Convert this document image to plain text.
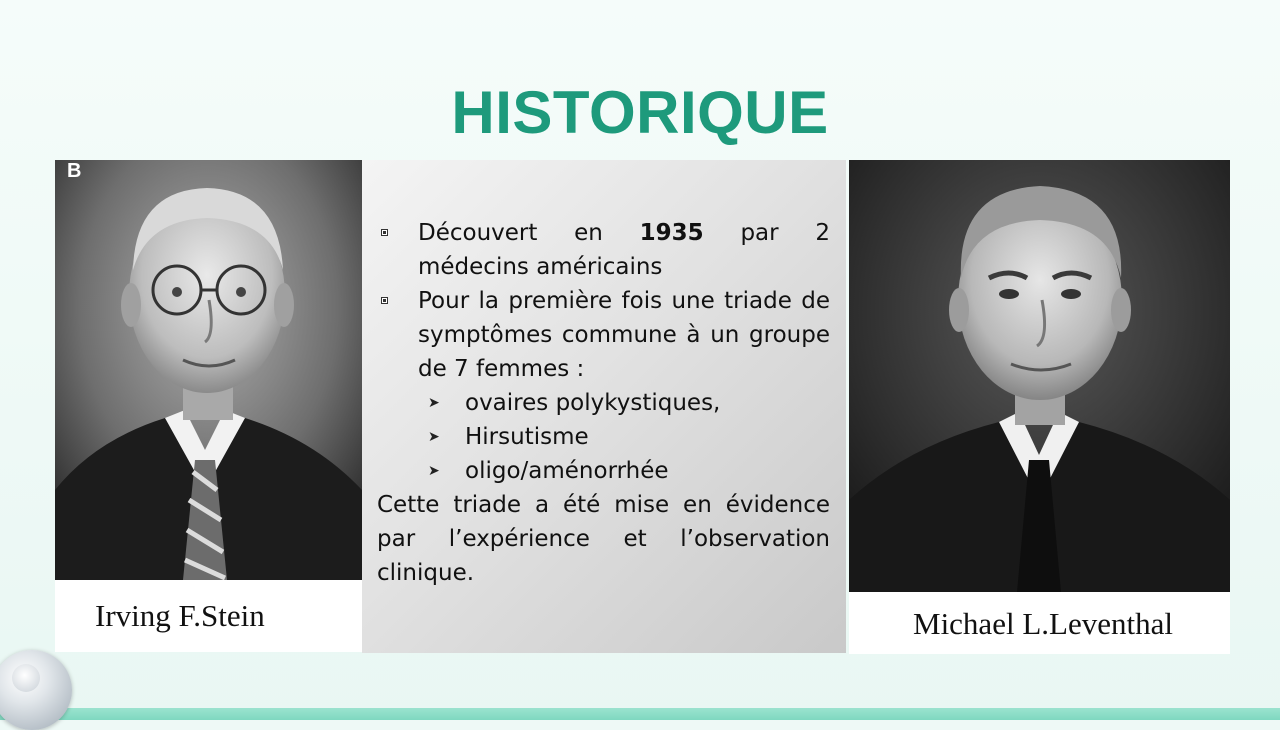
HISTORIQUE
B
Irving F.Stein
Découvert en 1935 par 2 médecins américains
Pour la première fois une triade de symptômes commune à un groupe de 7 femmes :
➤ ovaires polykystiques,
➤ Hirsutisme
➤ oligo/aménorrhée
Cette triade a été mise en évidence par l’expérience et l’observation clinique.
Michael L.Leventhal
